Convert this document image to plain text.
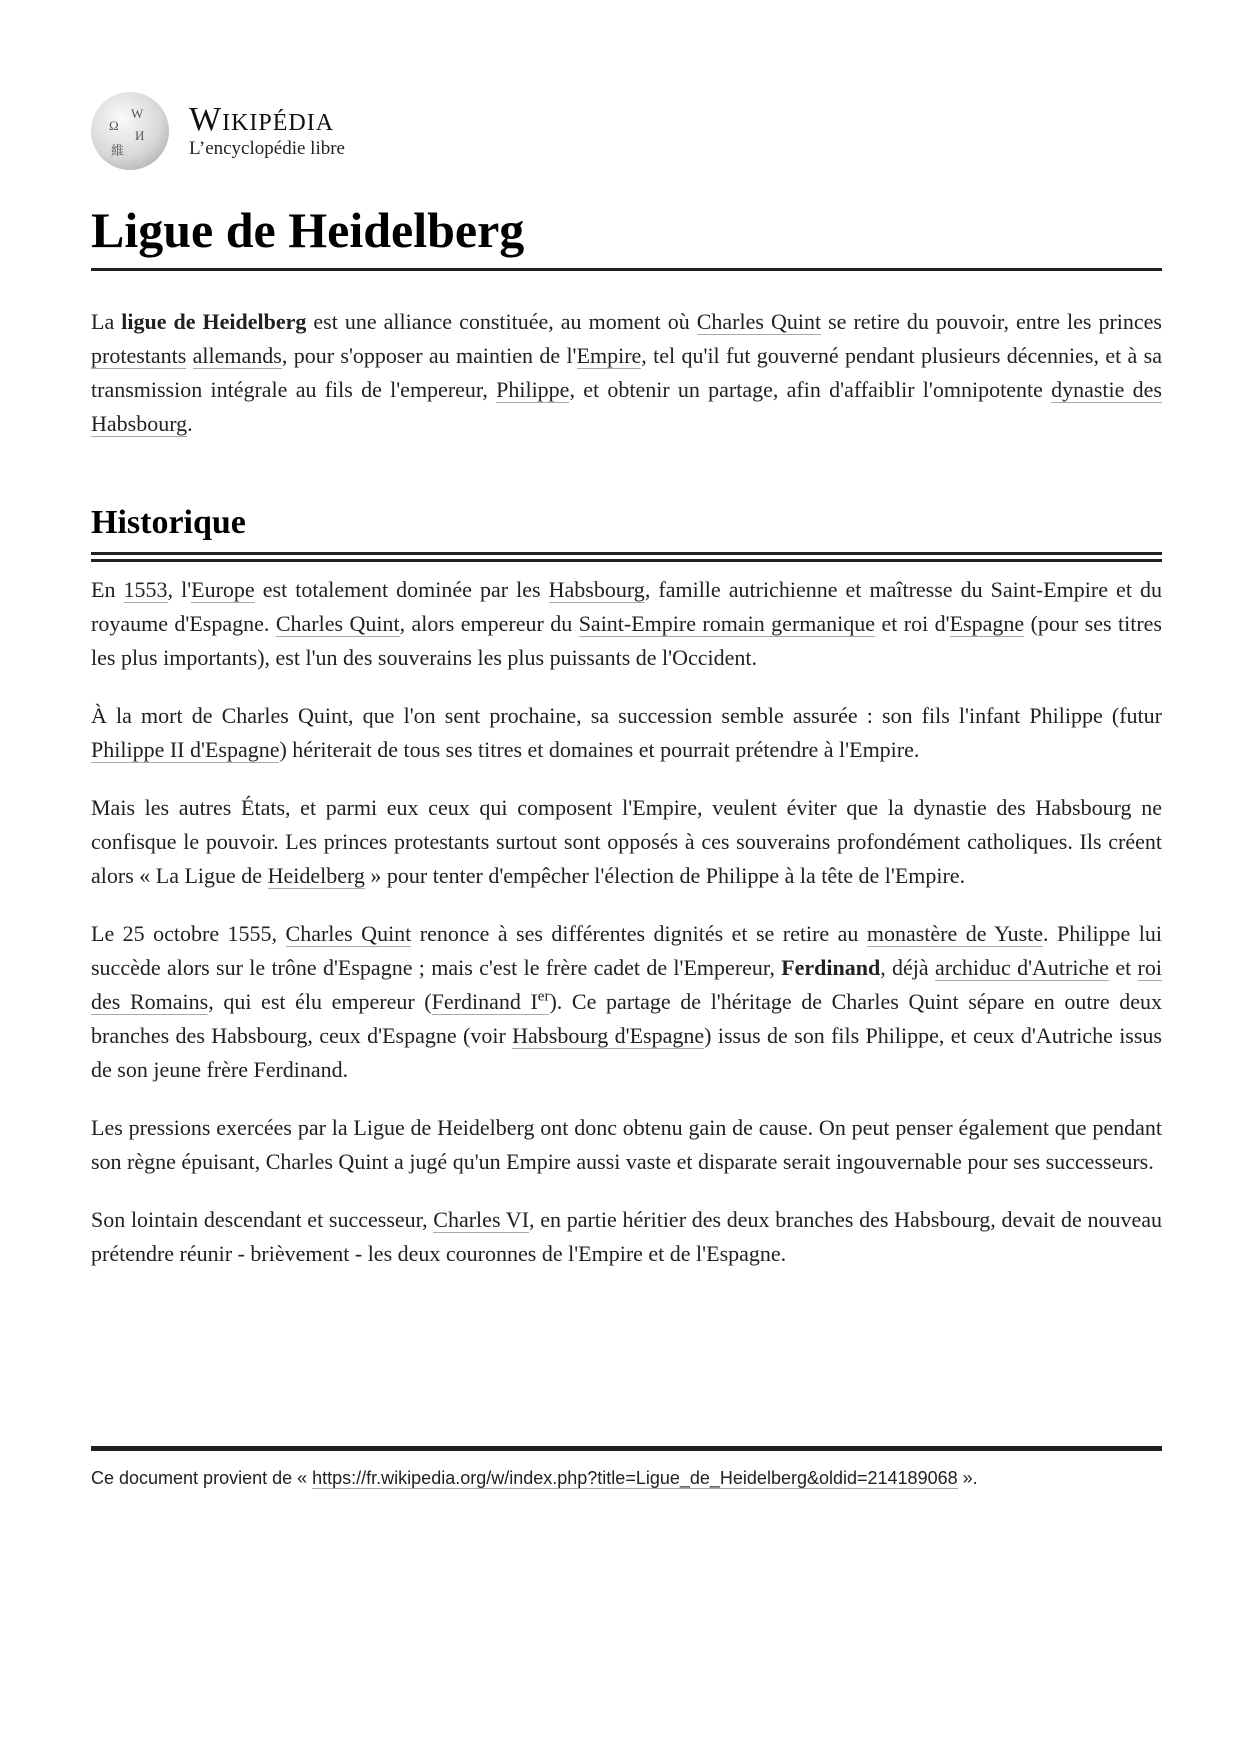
Ω
W
И
維
Wikipédia
L’encyclopédie libre
Ligue de Heidelberg

La ligue de Heidelberg est une alliance constituée, au moment où Charles Quint se retire du pouvoir, entre les princes protestants allemands, pour s'opposer au maintien de l'Empire, tel qu'il fut gouverné pendant plusieurs décennies, et à sa transmission intégrale au fils de l'empereur, Philippe, et obtenir un partage, afin d'affaiblir l'omnipotente dynastie des Habsbourg.

Historique

En 1553, l'Europe est totalement dominée par les Habsbourg, famille autrichienne et maîtresse du Saint-Empire et du royaume d'Espagne. Charles Quint, alors empereur du Saint-Empire romain germanique et roi d'Espagne (pour ses titres les plus importants), est l'un des souverains les plus puissants de l'Occident.

À la mort de Charles Quint, que l'on sent prochaine, sa succession semble assurée : son fils l'infant Philippe (futur Philippe II d'Espagne) hériterait de tous ses titres et domaines et pourrait prétendre à l'Empire.

Mais les autres États, et parmi eux ceux qui composent l'Empire, veulent éviter que la dynastie des Habsbourg ne confisque le pouvoir. Les princes protestants surtout sont opposés à ces souverains profondément catholiques. Ils créent alors « La Ligue de Heidelberg » pour tenter d'empêcher l'élection de Philippe à la tête de l'Empire.

Le 25 octobre 1555, Charles Quint renonce à ses différentes dignités et se retire au monastère de Yuste. Philippe lui succède alors sur le trône d'Espagne ; mais c'est le frère cadet de l'Empereur, Ferdinand, déjà archiduc d'Autriche et roi des Romains, qui est élu empereur (Ferdinand Ier). Ce partage de l'héritage de Charles Quint sépare en outre deux branches des Habsbourg, ceux d'Espagne (voir Habsbourg d'Espagne) issus de son fils Philippe, et ceux d'Autriche issus de son jeune frère Ferdinand.

Les pressions exercées par la Ligue de Heidelberg ont donc obtenu gain de cause. On peut penser également que pendant son règne épuisant, Charles Quint a jugé qu'un Empire aussi vaste et disparate serait ingouvernable pour ses successeurs.

Son lointain descendant et successeur, Charles VI, en partie héritier des deux branches des Habsbourg, devait de nouveau prétendre réunir - brièvement - les deux couronnes de l'Empire et de l'Espagne.

Ce document provient de « https://fr.wikipedia.org/w/index.php?title=Ligue_de_Heidelberg&oldid=214189068 ».
